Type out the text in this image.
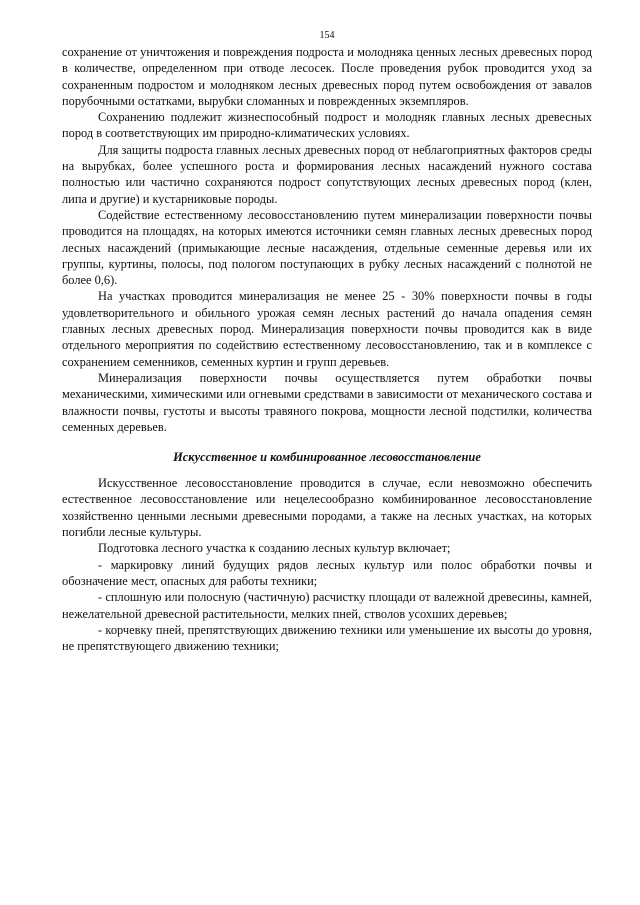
154

сохранение от уничтожения и повреждения подроста и молодняка ценных лесных древесных пород в количестве, определенном при отводе лесосек. После проведения рубок проводится уход за сохраненным подростом и молодняком лесных древесных пород путем освобождения от завалов порубочными остатками, вырубки сломанных и поврежденных экземпляров.

Сохранению подлежит жизнеспособный подрост и молодняк главных лесных древесных пород в соответствующих им природно-климатических условиях.

Для защиты подроста главных лесных древесных пород от неблагоприятных факторов среды на вырубках, более успешного роста и формирования лесных насаждений нужного состава полностью или частично сохраняются подрост сопутствующих лесных древесных пород (клен, липа и другие) и кустарниковые породы.

Содействие естественному лесовосстановлению путем минерализации поверхности почвы проводится на площадях, на которых имеются источники семян главных лесных древесных пород лесных насаждений (примыкающие лесные насаждения, отдельные семенные деревья или их группы, куртины, полосы, под пологом поступающих в рубку лесных насаждений с полнотой не более 0,6).

На участках проводится минерализация не менее 25 - 30% поверхности почвы в годы удовлетворительного и обильного урожая семян лесных растений до начала опадения семян главных лесных древесных пород. Минерализация поверхности почвы проводится как в виде отдельного мероприятия по содействию естественному лесовосстановлению, так и в комплексе с сохранением семенников, семенных куртин и групп деревьев.

Минерализация поверхности почвы осуществляется путем обработки почвы механическими, химическими или огневыми средствами в зависимости от механического состава и влажности почвы, густоты и высоты травяного покрова, мощности лесной подстилки, количества семенных деревьев.

Искусственное и комбинированное лесовосстановление

Искусственное лесовосстановление проводится в случае, если невозможно обеспечить естественное лесовосстановление или нецелесообразно комбинированное лесовосстановление хозяйственно ценными лесными древесными породами, а также на лесных участках, на которых погибли лесные культуры.

Подготовка лесного участка к созданию лесных культур включает;

- маркировку линий будущих рядов лесных культур или полос обработки почвы и обозначение мест, опасных для работы техники;

- сплошную или полосную (частичную) расчистку площади от валежной древесины, камней, нежелательной древесной растительности, мелких пней, стволов усохших деревьев;

- корчевку пней, препятствующих движению техники или уменьшение их высоты до уровня, не препятствующего движению техники;
